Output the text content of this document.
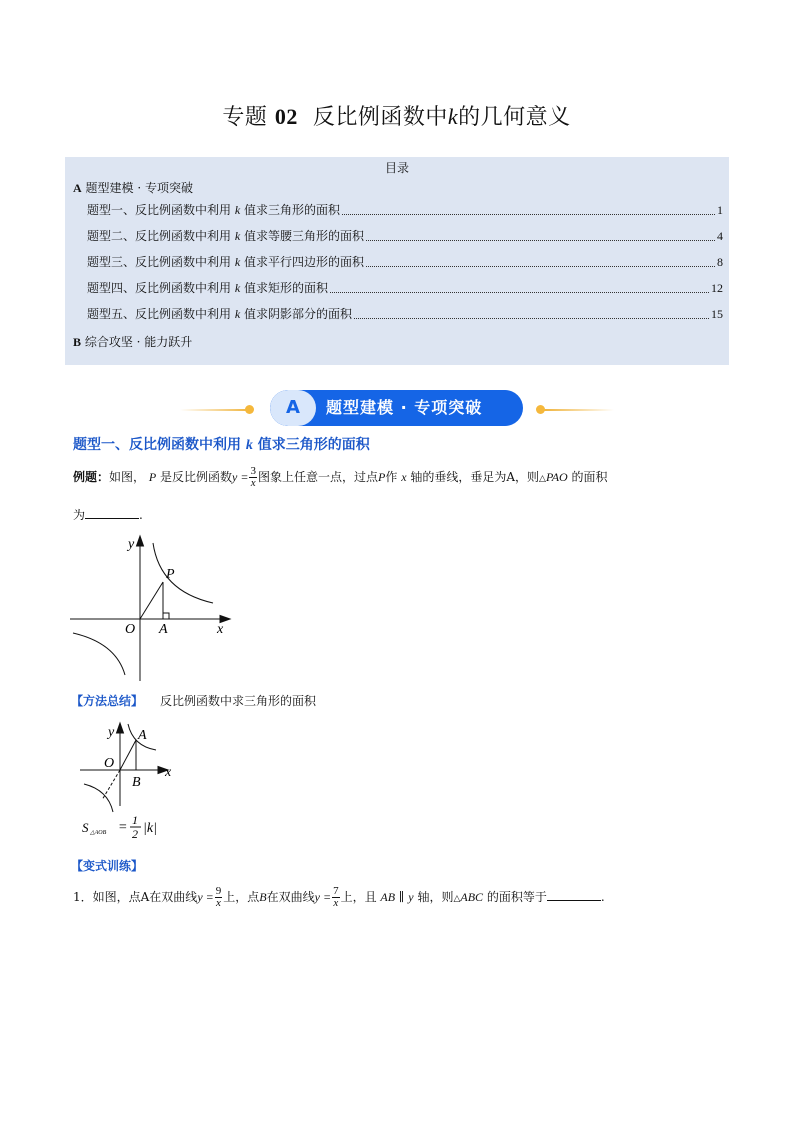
专题 02 反比例函数中k的几何意义
目录
A 题型建模 · 专项突破
题型一、反比例函数中利用 k 值求三角形的面积	1
题型二、反比例函数中利用 k 值求等腰三角形的面积	4
题型三、反比例函数中利用 k 值求平行四边形的面积	8
题型四、反比例函数中利用 k 值求矩形的面积	12
题型五、反比例函数中利用 k 值求阴影部分的面积	15
B 综合攻坚 · 能力跃升
A	题型建模 · 专项突破
题型一、反比例函数中利用 k 值求三角形的面积
例题：如图， P 是反比例函数$y = \frac{3}{x}$ 图象上任意一点，过点P作 x 轴的垂线，垂足为A，则△PAO 的面积
为	.
y
P
O A	x
【方法总结】 反比例函数中求三角形的面积
y A
O
B
x
S △AOB = 1
2 |k|
【变式训练】
1．如图，点A在双曲线$y = \frac{9}{x}$ 上，点B在双曲线$y = \frac{7}{x}$ 上，且 AB ∥ y 轴，则△ABC 的面积等于	.
